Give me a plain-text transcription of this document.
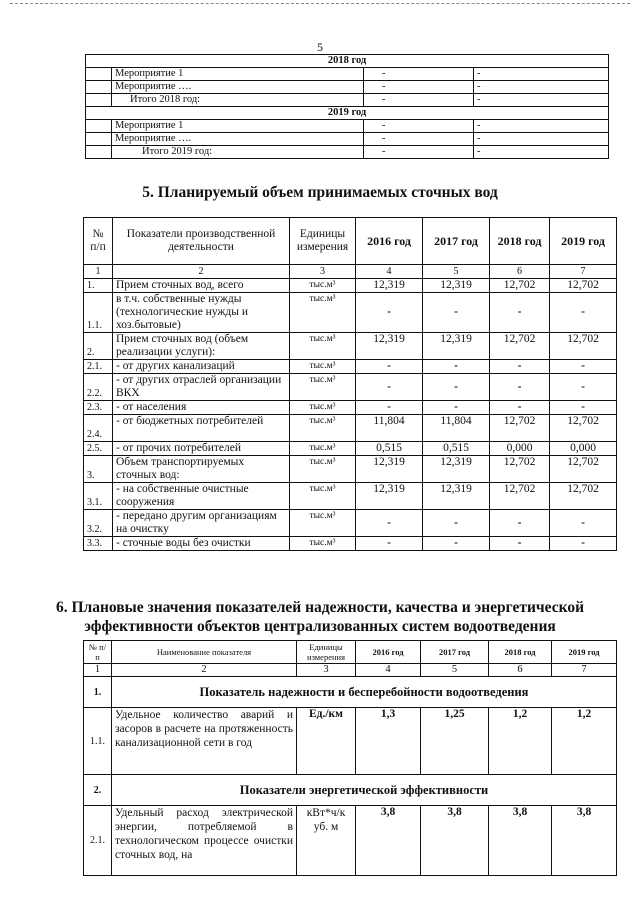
5
2018 год			
	Мероприятие 1	-	-
	Мероприятие ….	-	-
	Итого 2018 год:	-	-
2019 год			
	Мероприятие 1	-	-
	Мероприятие ….	-	-
	Итого 2019 год:	-	-
5. Планируемый объем принимаемых сточных вод
№ п/п	Показатели производственной деятельности	Единицы измерения	2016 год	2017 год	2018 год	2019 год
1	2	3	4	5	6	7
1.	Прием сточных вод, всего	тыс.м³	12,319	12,319	12,702	12,702
1.1.	в т.ч. собственные нужды (технологические нужды и хоз.бытовые)	тыс.м³	-	-	-	-
2.	Прием сточных вод (объем реализации услуги):	тыс.м³	12,319	12,319	12,702	12,702
2.1.	- от других канализаций	тыс.м³	-	-	-	-
2.2.	- от других отраслей организации ВКХ	тыс.м³	-	-	-	-
2.3.	- от населения	тыс.м³	-	-	-	-
2.4.	- от бюджетных потребителей	тыс.м³	11,804	11,804	12,702	12,702
2.5.	- от прочих потребителей	тыс.м³	0,515	0,515	0,000	0,000
3.	Объем транспортируемых сточных вод:	тыс.м³	12,319	12,319	12,702	12,702
3.1.	- на собственные очистные сооружения	тыс.м³	12,319	12,319	12,702	12,702
3.2.	- передано другим организациям на очистку	тыс.м³	-	-	-	-
3.3.	- сточные воды без очистки	тыс.м³	-	-	-	-
6. Плановые значения показателей надежности, качества и энергетической
эффективности объектов централизованных систем водоотведения
№ п/п	Наименование показателя	Единицы измерения	2016 год	2017 год	2018 год	2019 год
1	2	3	4	5	6	7
1.	Показатель надежности и бесперебойности водоотведения					
1.1.	Удельное количество аварий и засоров в расчете на протяженность канализационной сети в год	Ед./км	1,3	1,25	1,2	1,2
2.	Показатели энергетической эффективности					
2.1.	Удельный расход электрической энергии, потребляемой в технологическом процессе очистки сточных вод, на	кВт*ч/к уб. м	3,8	3,8	3,8	3,8
